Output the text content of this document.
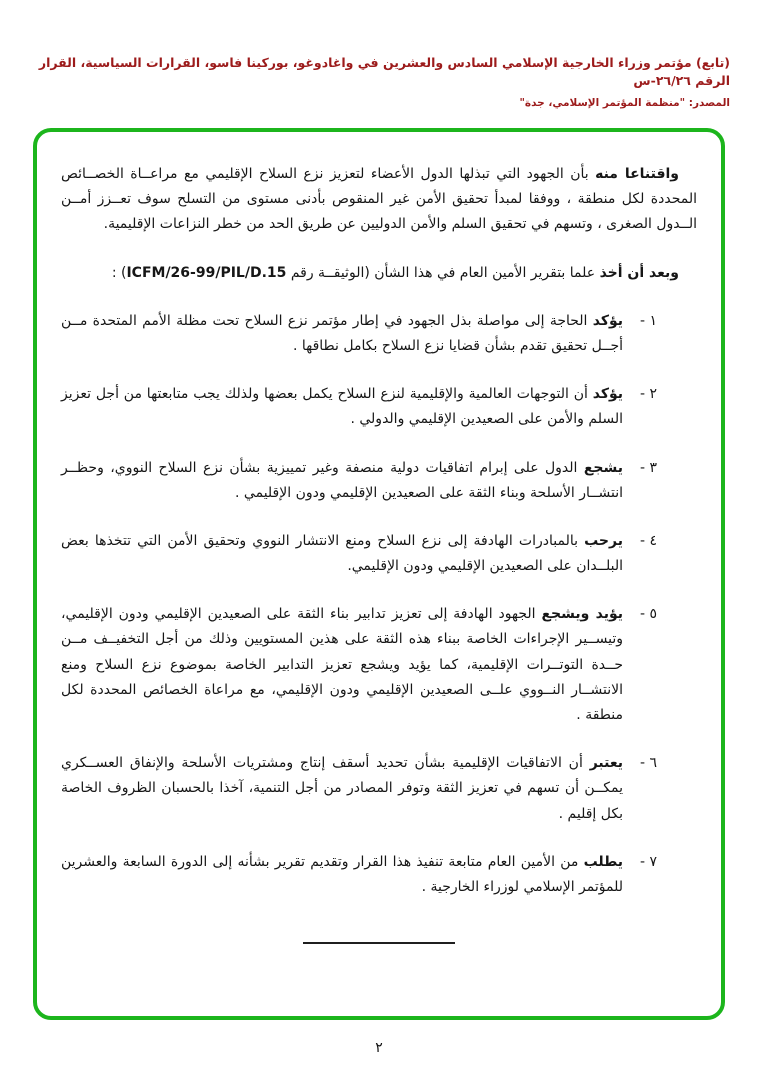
(تابع) مؤتمر وزراء الخارجية الإسلامي السادس والعشرين في واغادوغو، بوركينا فاسو، القرارات السياسية، القرار الرقم ٢٦/٢٦-س
المصدر: "منظمة المؤتمر الإسلامي، جدة"

واقتناعا منه بأن الجهود التي تبذلها الدول الأعضاء لتعزيز نزع السلاح الإقليمي مع مراعــاة الخصــائص المحددة لكل منطقة ، ووفقا لمبدأ تحقيق الأمن غير المنقوص بأدنى مستوى من التسلح سوف تعــزز أمــن الــدول الصغرى ، وتسهم في تحقيق السلم والأمن الدوليين عن طريق الحد من خطر النزاعات الإقليمية.

وبعد أن أخذ علما بتقرير الأمين العام في هذا الشأن (الوثيقــة رقم ICFM/26-99/PIL/D.15) :

١ -
يؤكد الحاجة إلى مواصلة بذل الجهود في إطار مؤتمر نزع السلاح تحت مظلة الأمم المتحدة مــن أجــل تحقيق تقدم بشأن قضايا نزع السلاح بكامل نطاقها .
٢ -
يؤكد أن التوجهات العالمية والإقليمية لنزع السلاح يكمل بعضها ولذلك يجب متابعتها من أجل تعزيز السلم والأمن على الصعيدين الإقليمي والدولي .
٣ -
يشجع الدول على إبرام اتفاقيات دولية منصفة وغير تمييزية بشأن نزع السلاح النووي، وحظــر انتشــار الأسلحة وبناء الثقة على الصعيدين الإقليمي ودون الإقليمي .
٤ -
يرحب بالمبادرات الهادفة إلى نزع السلاح ومنع الانتشار النووي وتحقيق الأمن التي تتخذها بعض البلــدان على الصعيدين الإقليمي ودون الإقليمي.
٥ -
يؤيد ويشجع الجهود الهادفة إلى تعزيز تدابير بناء الثقة على الصعيدين الإقليمي ودون الإقليمي، وتيســير الإجراءات الخاصة ببناء هذه الثقة على هذين المستويين وذلك من أجل التخفيــف مــن حــدة التوتــرات الإقليمية، كما يؤيد ويشجع تعزيز التدابير الخاصة بموضوع نزع السلاح ومنع الانتشــار النــووي علــى الصعيدين الإقليمي ودون الإقليمي، مع مراعاة الخصائص المحددة لكل منطقة .
٦ -
يعتبر أن الاتفاقيات الإقليمية بشأن تحديد أسقف إنتاج ومشتريات الأسلحة والإنفاق العســكري يمكــن أن تسهم في تعزيز الثقة وتوفر المصادر من أجل التنمية، آخذا بالحسبان الظروف الخاصة بكل إقليم .
٧ -
يطلب من الأمين العام متابعة تنفيذ هذا القرار وتقديم تقرير بشأنه إلى الدورة السابعة والعشرين للمؤتمر الإسلامي لوزراء الخارجية .
٢
